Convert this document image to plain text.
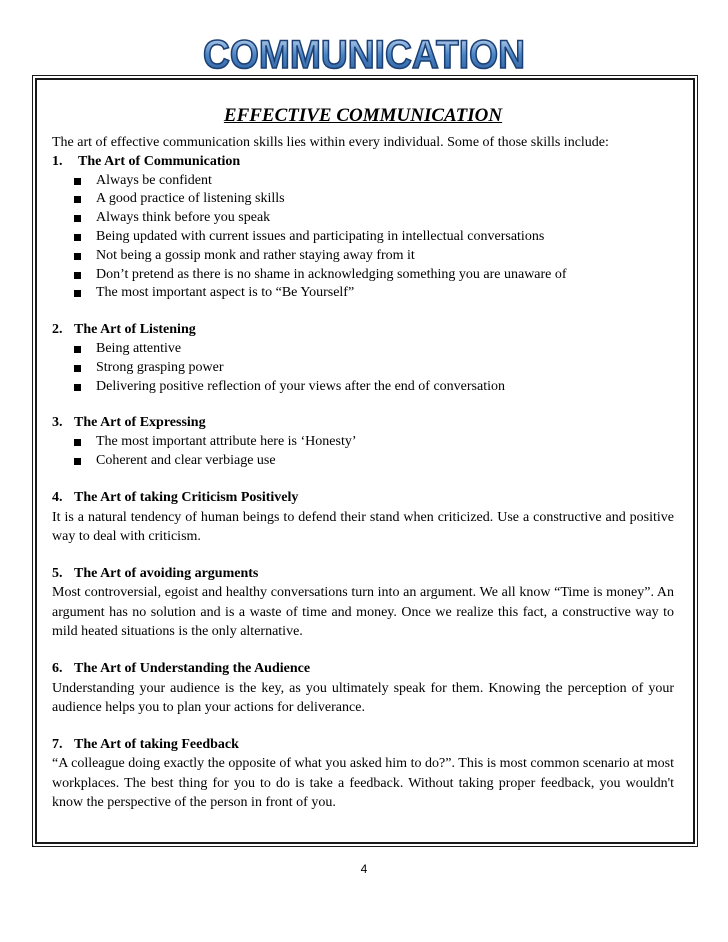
COMMUNICATION
EFFECTIVE COMMUNICATION

The art of effective communication skills lies within every individual. Some of those skills include:

1. The Art of Communication

Always be confident
A good practice of listening skills
Always think before you speak
Being updated with current issues and participating in intellectual conversations
Not being a gossip monk and rather staying away from it
Don’t pretend as there is no shame in acknowledging something you are unaware of
The most important aspect is to “Be Yourself”

2. The Art of Listening

Being attentive
Strong grasping power
Delivering positive reflection of your views after the end of conversation

3. The Art of Expressing

The most important attribute here is ‘Honesty’
Coherent and clear verbiage use

4. The Art of taking Criticism Positively

It is a natural tendency of human beings to defend their stand when criticized. Use a constructive and positive way to deal with criticism.

5. The Art of avoiding arguments

Most controversial, egoist and healthy conversations turn into an argument. We all know “Time is money”. An argument has no solution and is a waste of time and money. Once we realize this fact, a constructive way to mild heated situations is the only alternative.

6. The Art of Understanding the Audience

Understanding your audience is the key, as you ultimately speak for them. Knowing the perception of your audience helps you to plan your actions for deliverance.

7. The Art of taking Feedback

“A colleague doing exactly the opposite of what you asked him to do?”. This is most common scenario at most workplaces. The best thing for you to do is take a feedback. Without taking proper feedback, you wouldn't know the perspective of the person in front of you.

.
4
